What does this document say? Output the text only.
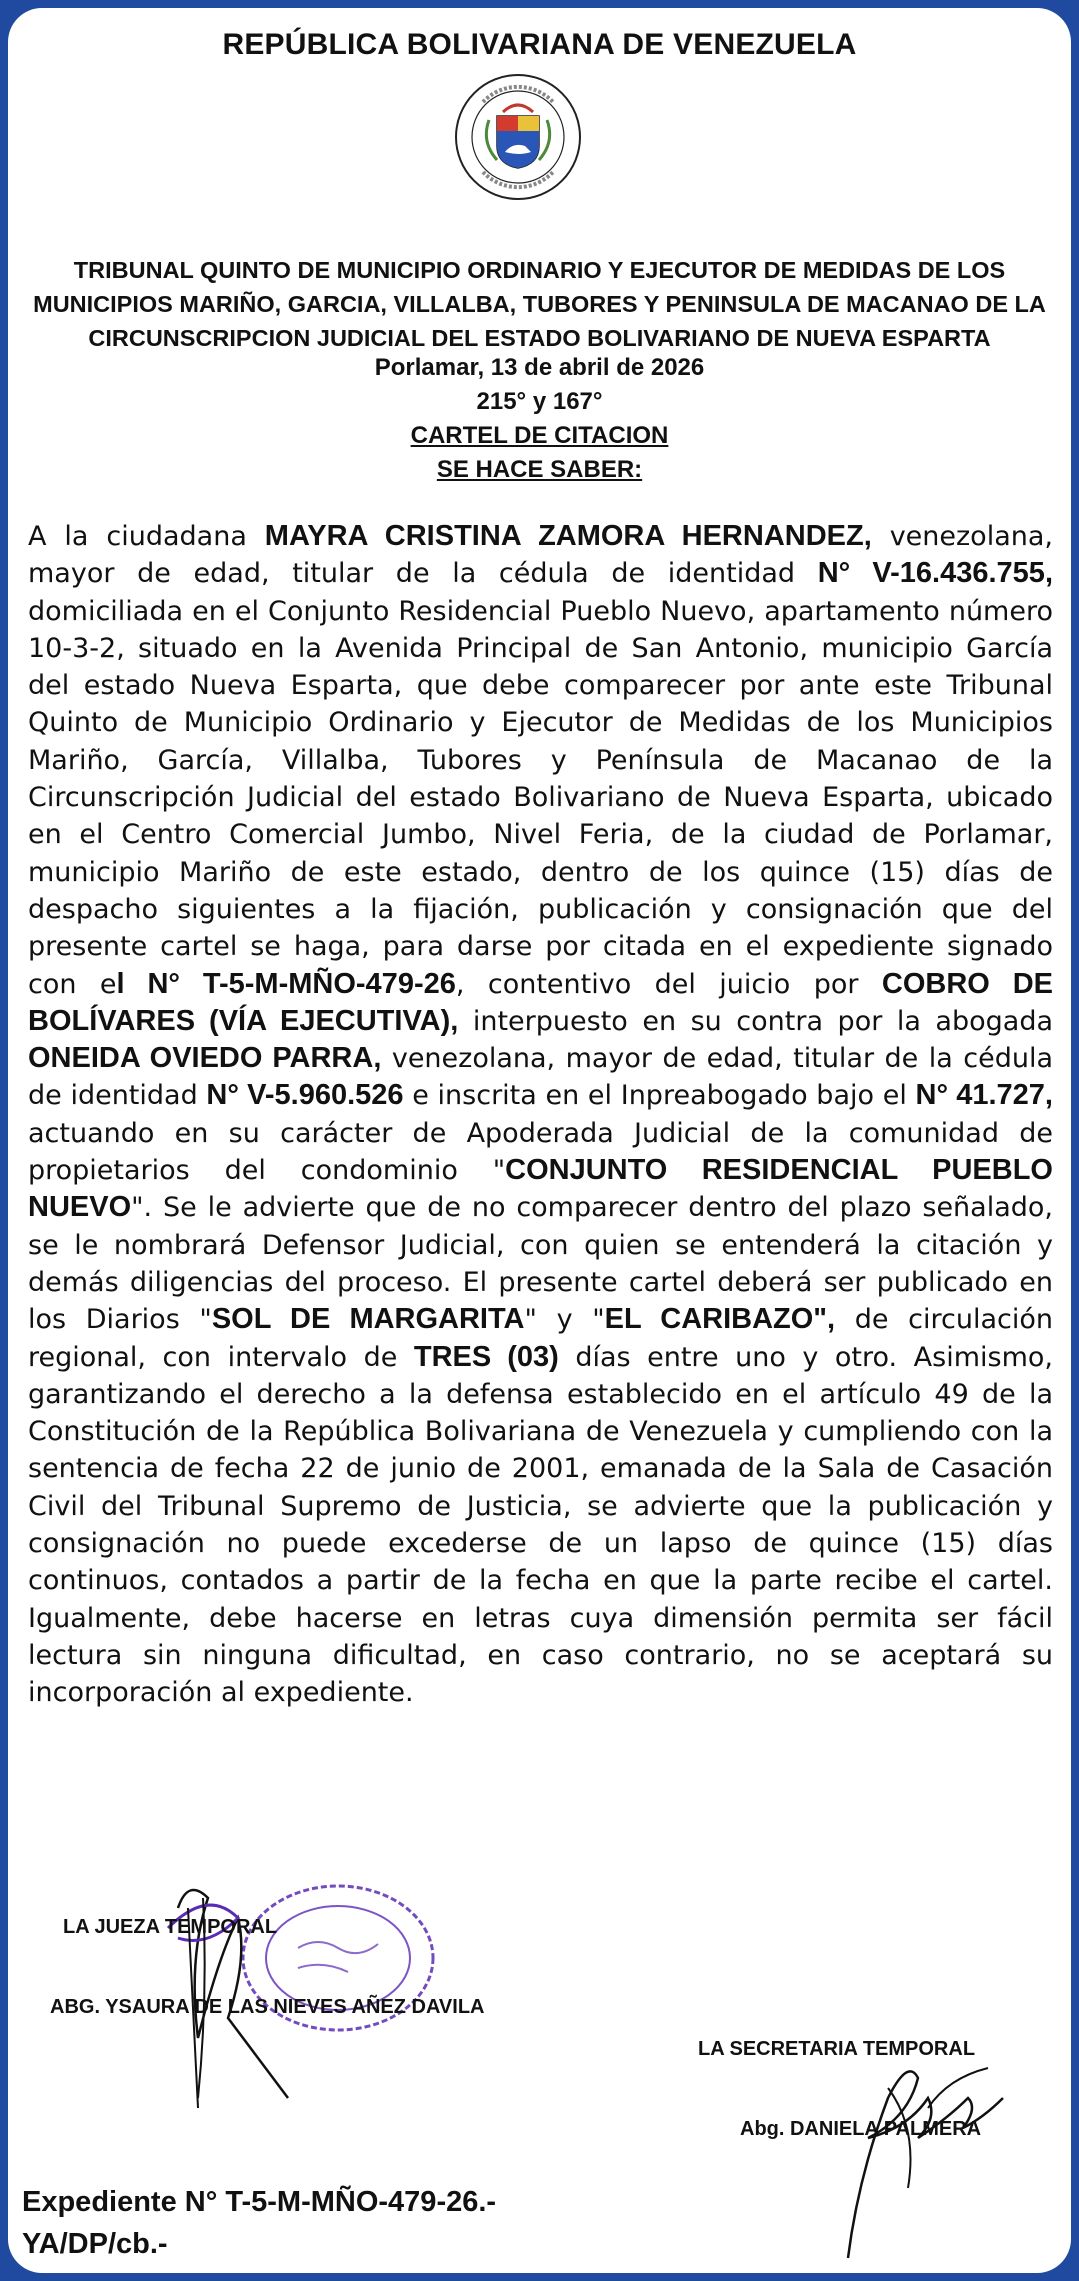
REPÚBLICA BOLIVARIANA DE VENEZUELA
TRIBUNAL QUINTO DE MUNICIPIO ORDINARIO Y EJECUTOR DE MEDIDAS DE LOS
MUNICIPIOS MARIÑO, GARCIA, VILLALBA, TUBORES Y PENINSULA DE MACANAO DE LA
CIRCUNSCRIPCION JUDICIAL DEL ESTADO BOLIVARIANO DE NUEVA ESPARTA
Porlamar, 13 de abril de 2026
215° y 167°
CARTEL DE CITACION
SE HACE SABER:
A la ciudadana MAYRA CRISTINA ZAMORA HERNANDEZ, venezolana, mayor de edad, titular de la cédula de identidad N° V-16.436.755, domiciliada en el Conjunto Residencial Pueblo Nuevo, apartamento número 10-3-2, situado en la Avenida Principal de San Antonio, municipio García del estado Nueva Esparta, que debe comparecer por ante este Tribunal Quinto de Municipio Ordinario y Ejecutor de Medidas de los Municipios Mariño, García, Villalba, Tubores y Península de Macanao de la Circunscripción Judicial del estado Bolivariano de Nueva Esparta, ubicado en el Centro Comercial Jumbo, Nivel Feria, de la ciudad de Porlamar, municipio Mariño de este estado, dentro de los quince (15) días de despacho siguientes a la fijación, publicación y consignación que del presente cartel se haga, para darse por citada en el expediente signado con el N° T-5-M-MÑO-479-26, contentivo del juicio por COBRO DE BOLÍVARES (VÍA EJECUTIVA), interpuesto en su contra por la abogada ONEIDA OVIEDO PARRA, venezolana, mayor de edad, titular de la cédula de identidad N° V-5.960.526 e inscrita en el Inpreabogado bajo el N° 41.727, actuando en su carácter de Apoderada Judicial de la comunidad de propietarios del condominio "CONJUNTO RESIDENCIAL PUEBLO NUEVO". Se le advierte que de no comparecer dentro del plazo señalado, se le nombrará Defensor Judicial, con quien se entenderá la citación y demás diligencias del proceso. El presente cartel deberá ser publicado en los Diarios "SOL DE MARGARITA" y "EL CARIBAZO", de circulación regional, con intervalo de TRES (03) días entre uno y otro. Asimismo, garantizando el derecho a la defensa establecido en el artículo 49 de la Constitución de la República Bolivariana de Venezuela y cumpliendo con la sentencia de fecha 22 de junio de 2001, emanada de la Sala de Casación Civil del Tribunal Supremo de Justicia, se advierte que la publicación y consignación no puede excederse de un lapso de quince (15) días continuos, contados a partir de la fecha en que la parte recibe el cartel. Igualmente, debe hacerse en letras cuya dimensión permita ser fácil lectura sin ninguna dificultad, en caso contrario, no se aceptará su incorporación al expediente.
LA JUEZA TEMPORAL
ABG. YSAURA DE LAS NIEVES AÑEZ DAVILA
LA SECRETARIA TEMPORAL
Abg. DANIELA PALMERA
Expediente N° T-5-M-MÑO-479-26.-
YA/DP/cb.-
